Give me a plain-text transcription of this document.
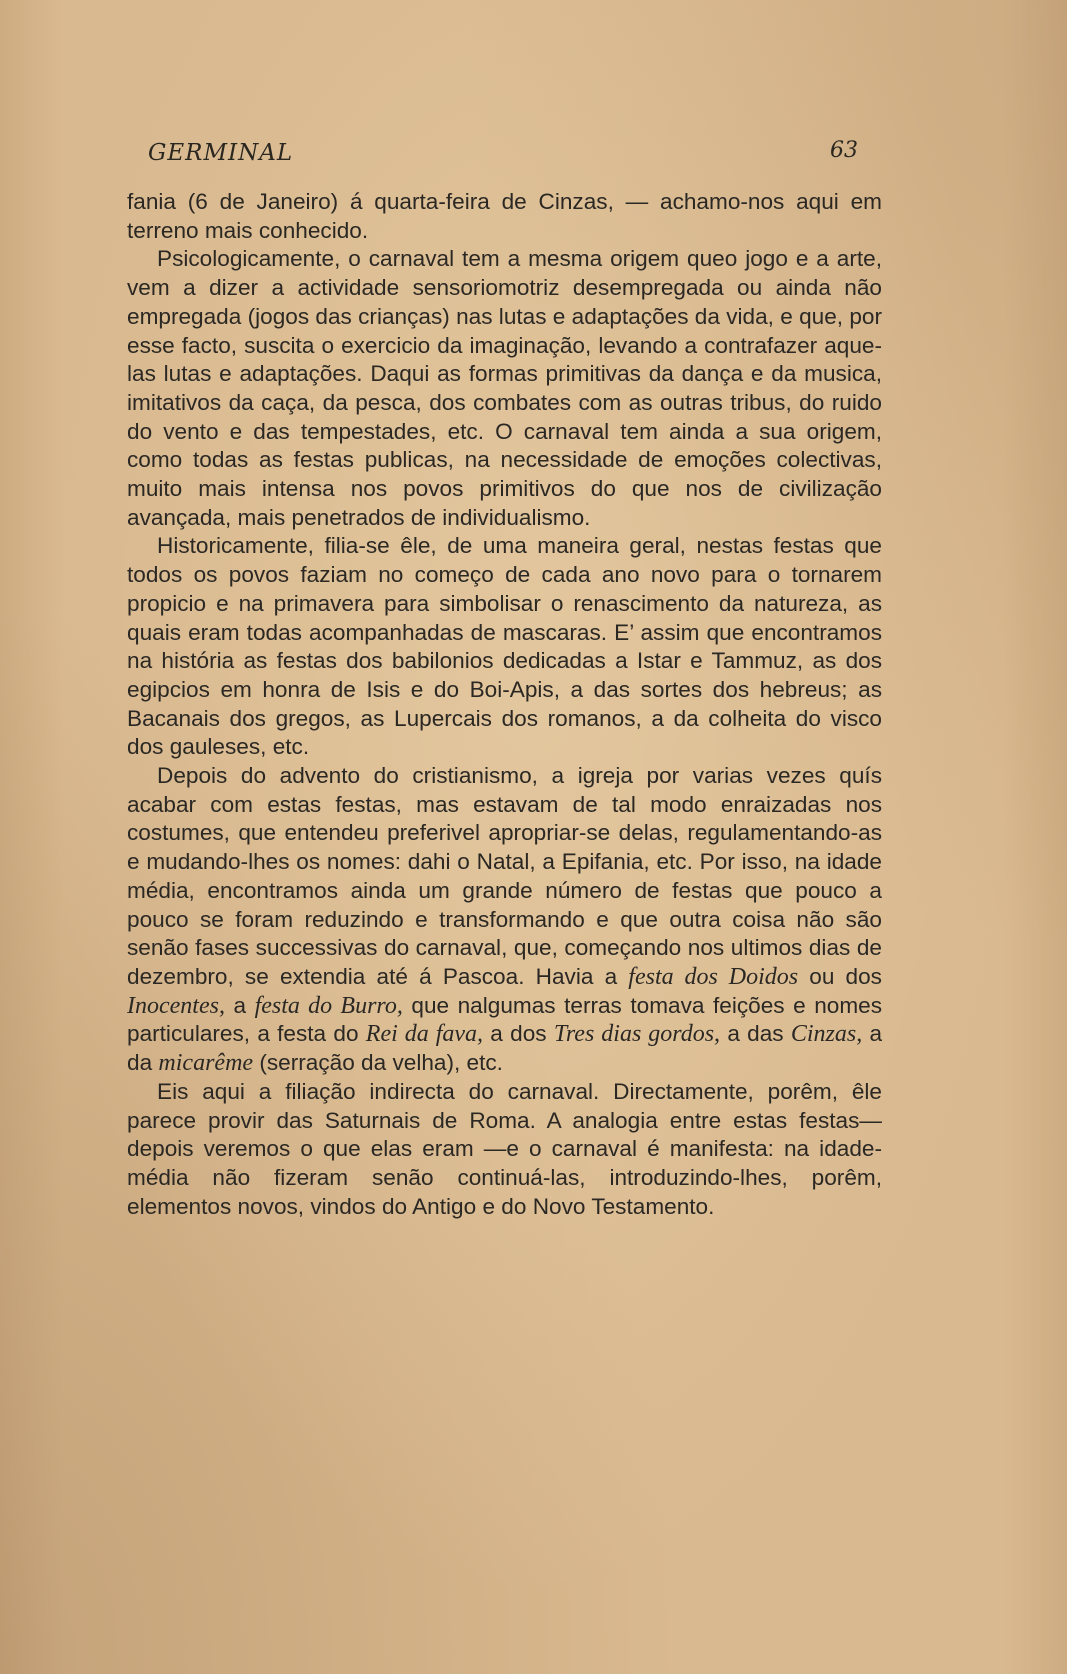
GERMINAL	63

fania (6 de Janeiro) á quarta-feira de Cinzas, — achamo-nos aqui em terreno mais conhecido.

Psicologicamente, o carnaval tem a mesma origem queo jogo e a arte, vem a dizer a actividade sensoriomotriz desempregada ou ainda não empregada (jogos das crianças) nas lutas e adaptações da vida, e que, por esse facto, suscita o exercicio da imaginação, levando a contrafazer aquelas lutas e adaptações. Daqui as formas primitivas da dança e da musica, imitativos da caça, da pesca, dos combates com as outras tribus, do ruido do vento e das tempestades, etc. O carnaval tem ainda a sua origem, como todas as festas publicas, na necessidade de emoções colectivas, muito mais intensa nos povos primitivos do que nos de civilização avançada, mais penetrados de individualismo.

Historicamente, filia-se êle, de uma maneira geral, nestas festas que todos os povos faziam no começo de cada ano novo para o tornarem propicio e na primavera para simbolisar o renascimento da natureza, as quais eram todas acompanhadas de mascaras. E’ assim que encontramos na história as festas dos babilonios dedicadas a Istar e Tammuz, as dos egipcios em honra de Isis e do Boi-Apis, a das sortes dos hebreus; as Bacanais dos gregos, as Lupercais dos romanos, a da colheita do visco dos gauleses, etc.

Depois do advento do cristianismo, a igreja por varias vezes quís acabar com estas festas, mas estavam de tal modo enraizadas nos costumes, que entendeu preferivel apropriar-se delas, regulamentando-as e mudando-lhes os nomes: dahi o Natal, a Epifania, etc. Por isso, na idade média, encontramos ainda um grande número de festas que pouco a pouco se foram reduzindo e transformando e que outra coisa não são senão fases successivas do carnaval, que, começando nos ultimos dias de dezembro, se extendia até á Pascoa. Havia a festa dos Doidos ou dos Inocentes, a festa do Burro, que nalgumas terras tomava feições e nomes particulares, a festa do Rei da fava, a dos Tres dias gordos, a das Cinzas, a da micarême (serração da velha), etc.

Eis aqui a filiação indirecta do carnaval. Directamente, porêm, êle parece provir das Saturnais de Roma. A analogia entre estas festas—depois veremos o que elas eram —e o carnaval é manifesta: na idade-média não fizeram senão continuá-las, introduzindo-lhes, porêm, elementos novos, vindos do Antigo e do Novo Testamento.
